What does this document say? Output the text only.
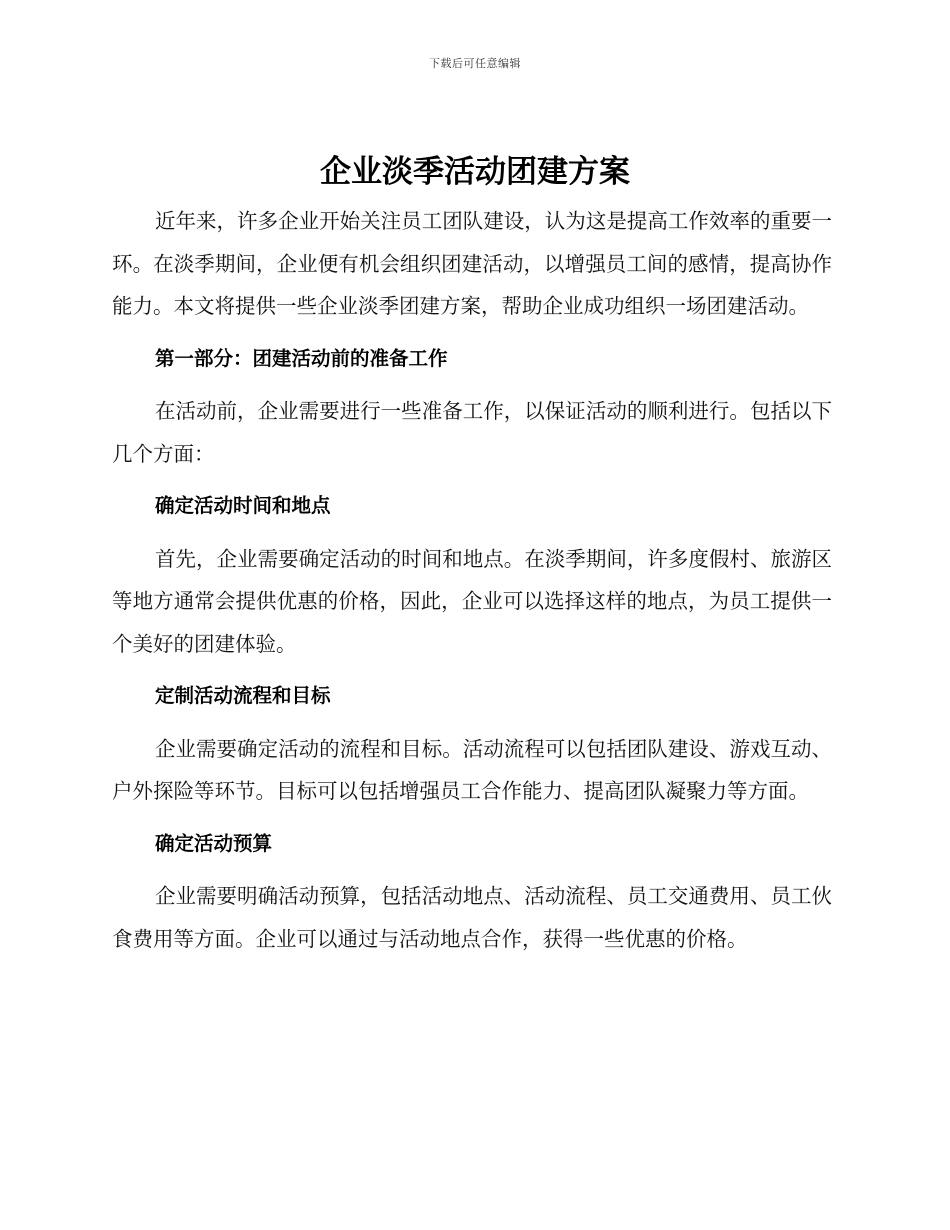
下载后可任意编辑
企业淡季活动团建方案

近年来，许多企业开始关注员工团队建设，认为这是提高工作效率的重要一环。在淡季期间，企业便有机会组织团建活动，以增强员工间的感情，提高协作能力。本文将提供一些企业淡季团建方案，帮助企业成功组织一场团建活动。

第一部分：团建活动前的准备工作

在活动前，企业需要进行一些准备工作，以保证活动的顺利进行。包括以下几个方面：

确定活动时间和地点

首先，企业需要确定活动的时间和地点。在淡季期间，许多度假村、旅游区等地方通常会提供优惠的价格，因此，企业可以选择这样的地点，为员工提供一个美好的团建体验。

定制活动流程和目标

企业需要确定活动的流程和目标。活动流程可以包括团队建设、游戏互动、户外探险等环节。目标可以包括增强员工合作能力、提高团队凝聚力等方面。

确定活动预算

企业需要明确活动预算，包括活动地点、活动流程、员工交通费用、员工伙食费用等方面。企业可以通过与活动地点合作，获得一些优惠的价格。
